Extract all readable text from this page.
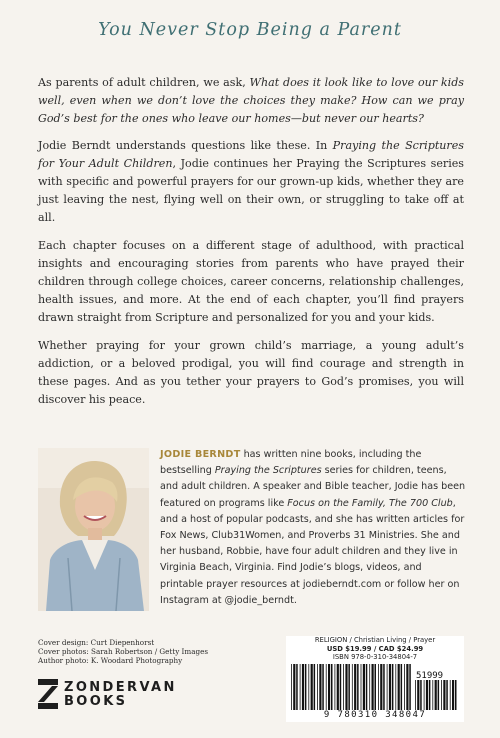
You Never Stop Being a Parent

As parents of adult children, we ask, What does it look like to love our kids well, even when we don’t love the choices they make? How can we pray God’s best for the ones who leave our homes—but never our hearts?

Jodie Berndt understands questions like these. In Praying the Scriptures for Your Adult Children, Jodie continues her Praying the Scriptures series with specific and powerful prayers for our grown-up kids, whether they are just leaving the nest, flying well on their own, or struggling to take off at all.

Each chapter focuses on a different stage of adulthood, with practical insights and encouraging stories from parents who have prayed their children through college choices, career concerns, relationship challenges, health issues, and more. At the end of each chapter, you’ll find prayers drawn straight from Scripture and personalized for you and your kids.

Whether praying for your grown child’s marriage, a young adult’s addiction, or a beloved prodigal, you will find courage and strength in these pages. And as you tether your prayers to God’s promises, you will discover his peace.

JODIE BERNDT has written nine books, including the bestselling Praying the Scriptures series for children, teens, and adult children. A speaker and Bible teacher, Jodie has been featured on programs like Focus on the Family, The 700 Club, and a host of popular podcasts, and she has written articles for Fox News, Club31Women, and Proverbs 31 Ministries. She and her husband, Robbie, have four adult children and they live in Virginia Beach, Virginia. Find Jodie’s blogs, videos, and printable prayer resources at jodieberndt.com or follow her on Instagram at @jodie_berndt.
Cover design: Curt Diepenhorst
Cover photos: Sarah Robertson / Getty Images
Author photo: K. Woodard Photography
ZONDERVAN
BOOKS
RELIGION / Christian Living / Prayer
USD $19.99 / CAD $24.99
ISBN 978-0-310-34804-7
51999
9 780310 348047
